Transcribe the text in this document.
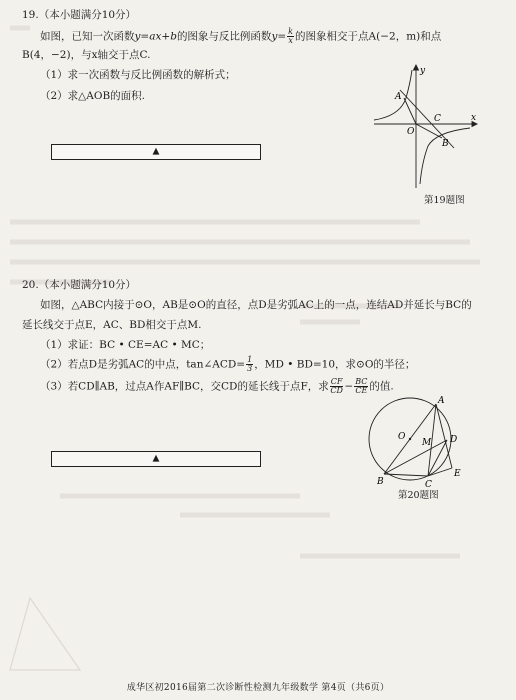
19.（本小题满分10分）
如图，已知一次函数y=ax+b的图象与反比例函数$y= \frac{k}{x}$ 的图象相交于点A(−2，m)和点
B(4，−2)，与x轴交于点C.
（1）求一次函数与反比例函数的解析式；
（2）求△AOB的面积.
▲
y
x
A
O
C
B
第19题图
20.（本小题满分10分）
如图，△ABC内接于⊙O，AB是⊙O的直径，点D是劣弧AC上的一点，连结AD并延长与BC的
延长线交于点E，AC、BD相交于点M.
（1）求证：BC • CE=AC • MC；
（2）若点D是劣弧AC的中点，tan∠ACD= $\frac{1}{3}$ ，MD • BD=10，求⊙O的半径；
（3）若CD∥AB，过点A作AF∥BC，交CD的延长线于点F，求 $\frac{CF}{CD} - \frac{BC}{CE}$ 的值.
▲
A
O
M D
B	C
E
第20题图
成华区初2016届第二次诊断性检测九年级数学 第4页（共6页）
